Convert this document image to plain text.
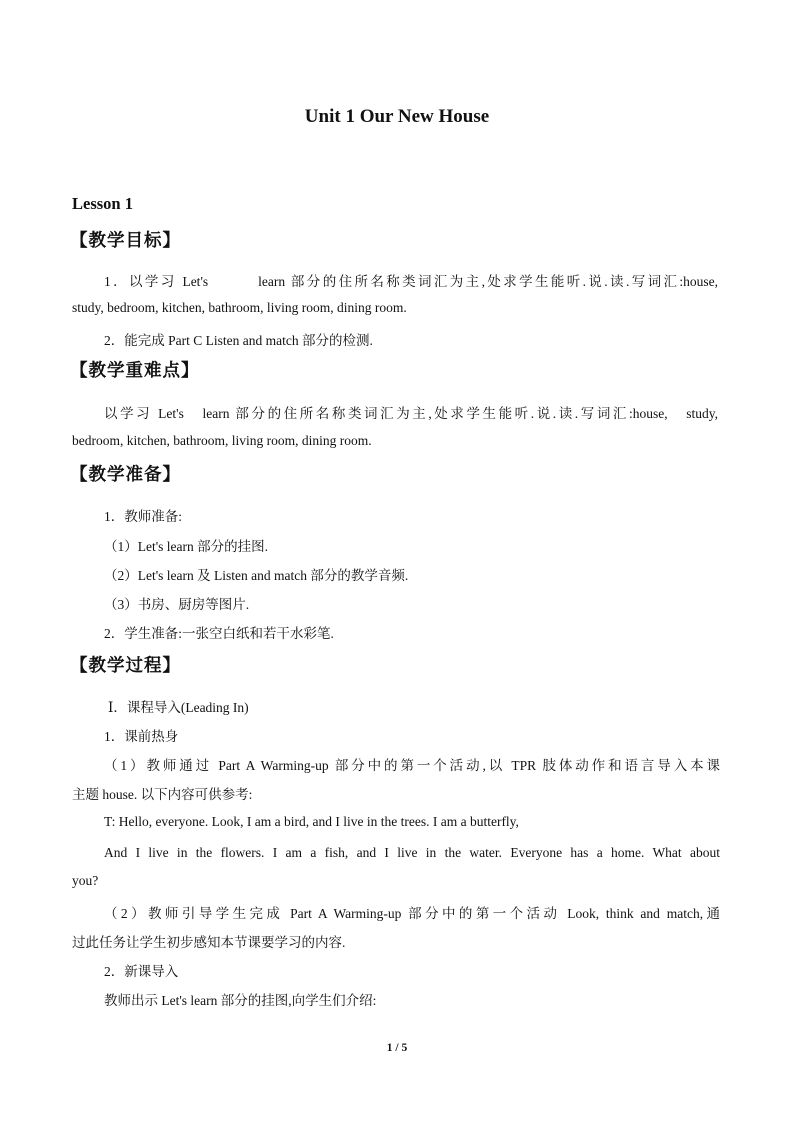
Unit 1 Our New House
Lesson 1
【教学目标】
1．以学习 Let's　　　learn 部分的住所名称类词汇为主,处求学生能听.说.读.写词汇:house,
study, bedroom, kitchen, bathroom, living room, dining room.
2．能完成 Part C Listen and match 部分的检测.
【教学重难点】
以学习 Let's　learn 部分的住所名称类词汇为主,处求学生能听.说.读.写词汇:house,　study,
bedroom, kitchen, bathroom, living room, dining room.
【教学准备】
1．教师准备:
（1）Let's learn 部分的挂图.
（2）Let's learn 及 Listen and match 部分的教学音频.
（3）书房、厨房等图片.
2．学生准备:一张空白纸和若干水彩笔.
【教学过程】
Ⅰ．课程导入(Leading In)
1．课前热身
（1）教师通过 Part A Warming-up 部分中的第一个活动,以 TPR 肢体动作和语言导入本课
主题 house. 以下内容可供参考:
T: Hello, everyone. Look, I am a bird, and I live in the trees. I am a butterfly,
And I live in the flowers. I am a fish, and I live in the water. Everyone has a home. What about
you?
（2）教师引导学生完成 Part A Warming-up 部分中的第一个活动 Look, think and match,通
过此任务让学生初步感知本节课要学习的内容.
2．新课导入
教师出示 Let's learn 部分的挂图,向学生们介绍:
1 / 5
